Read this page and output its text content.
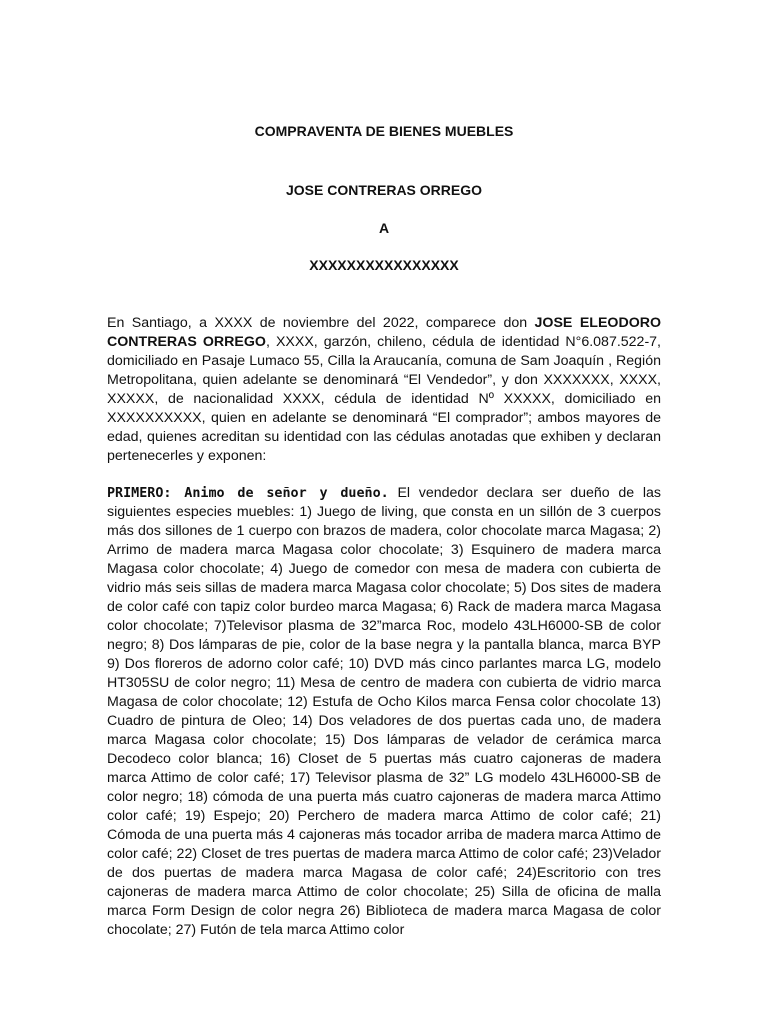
COMPRAVENTA DE BIENES MUEBLES
JOSE CONTRERAS ORREGO
A
XXXXXXXXXXXXXXXX
En Santiago, a XXXX de noviembre del 2022, comparece don JOSE ELEODORO CONTRERAS ORREGO, XXXX, garzón, chileno, cédula de identidad N°6.087.522-7, domiciliado en Pasaje Lumaco 55, Cilla la Araucanía, comuna de Sam Joaquín , Región Metropolitana, quien adelante se denominará “El Vendedor”, y don XXXXXXX, XXXX, XXXXX, de nacionalidad XXXX, cédula de identidad Nº XXXXX, domiciliado en XXXXXXXXXX, quien en adelante se denominará “El comprador”; ambos mayores de edad, quienes acreditan su identidad con las cédulas anotadas que exhiben y declaran pertenecerles y exponen:
PRIMERO: Animo de señor y dueño. El vendedor declara ser dueño de las siguientes especies muebles: 1) Juego de living, que consta en un sillón de 3 cuerpos más dos sillones de 1 cuerpo con brazos de madera, color chocolate marca Magasa; 2) Arrimo de madera marca Magasa color chocolate; 3) Esquinero de madera marca Magasa color chocolate; 4) Juego de comedor con mesa de madera con cubierta de vidrio más seis sillas de madera marca Magasa color chocolate; 5) Dos sites de madera de color café con tapiz color burdeo marca Magasa; 6) Rack de madera marca Magasa color chocolate; 7)Televisor plasma de 32”marca Roc, modelo 43LH6000-SB de color negro; 8) Dos lámparas de pie, color de la base negra y la pantalla blanca, marca BYP 9) Dos floreros de adorno color café; 10) DVD más cinco parlantes marca LG, modelo HT305SU de color negro; 11) Mesa de centro de madera con cubierta de vidrio marca Magasa de color chocolate; 12) Estufa de Ocho Kilos marca Fensa color chocolate 13) Cuadro de pintura de Oleo; 14) Dos veladores de dos puertas cada uno, de madera marca Magasa color chocolate; 15) Dos lámparas de velador de cerámica marca Decodeco color blanca; 16) Closet de 5 puertas más cuatro cajoneras de madera marca Attimo de color café; 17) Televisor plasma de 32” LG modelo 43LH6000-SB de color negro; 18) cómoda de una puerta más cuatro cajoneras de madera marca Attimo color café; 19) Espejo; 20) Perchero de madera marca Attimo de color café; 21) Cómoda de una puerta más 4 cajoneras más tocador arriba de madera marca Attimo de color café; 22) Closet de tres puertas de madera marca Attimo de color café; 23)Velador de dos puertas de madera marca Magasa de color café; 24)Escritorio con tres cajoneras de madera marca Attimo de color chocolate; 25) Silla de oficina de malla marca Form Design de color negra 26) Biblioteca de madera marca Magasa de color chocolate; 27) Futón de tela marca Attimo color
